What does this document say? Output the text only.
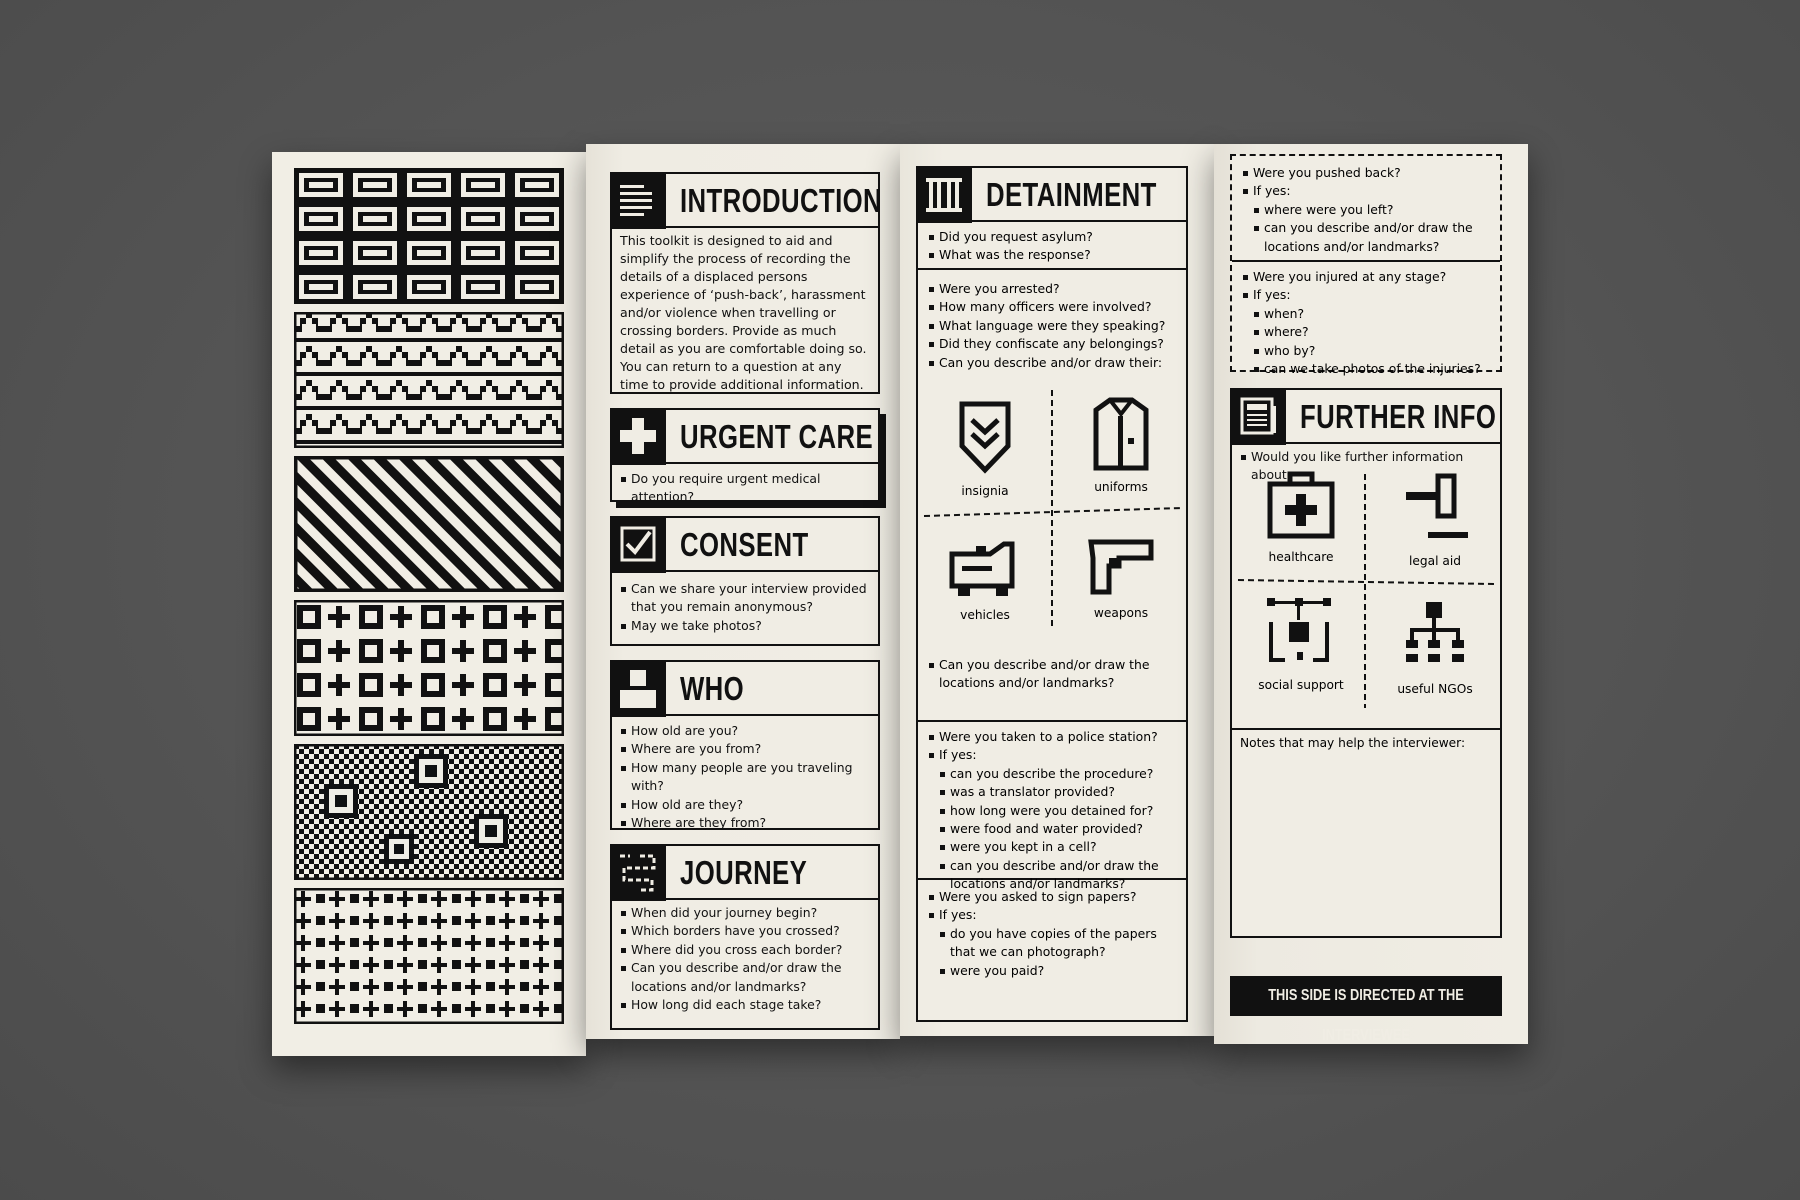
INTRODUCTION

This toolkit is designed to aid and simplify the process of recording the details of a displaced persons experience of ‘push-back’, harassment and/or violence when travelling or crossing borders. Provide as much detail as you are comfortable doing so. You can return to a question at any time to provide additional information.

URGENT CARE
Do you require urgent medical attention?
CONSENT
Can we share your interview provided that you remain anonymous?
May we take photos?
WHO
How old are you?
Where are you from?
How many people are you traveling with?
How old are they?
Where are they from?
JOURNEY
When did your journey begin?
Which borders have you crossed?
Where did you cross each border?
Can you describe and/or draw the locations and/or landmarks?
How long did each stage take?
DETAINMENT
Did you request asylum?
What was the response?
Were you arrested?
How many officers were involved?
What language were they speaking?
Did they confiscate any belongings?
Can you describe and/or draw their:
insignia	uniforms
vehicles	weapons
Can you describe and/or draw the locations and/or landmarks?
Were you taken to a police station?
If yes:
can you describe the procedure?
was a translator provided?
how long were you detained for?
were food and water provided?
were you kept in a cell?
can you describe and/or draw the locations and/or landmarks?
Were you asked to sign papers?
If yes:
do you have copies of the papers that we can photograph?
were you paid?
Were you pushed back?
If yes:
where were you left?
can you describe and/or draw the locations and/or landmarks?
Were you injured at any stage?
If yes:
when?
where?
who by?
can we take photos of the injuries?
FURTHER INFO
Would you like further information about:
healthcare	legal aid
social support	useful NGOs
Notes that may help the interviewer:
THIS SIDE IS DIRECTED AT THE INTERVIEWEE
